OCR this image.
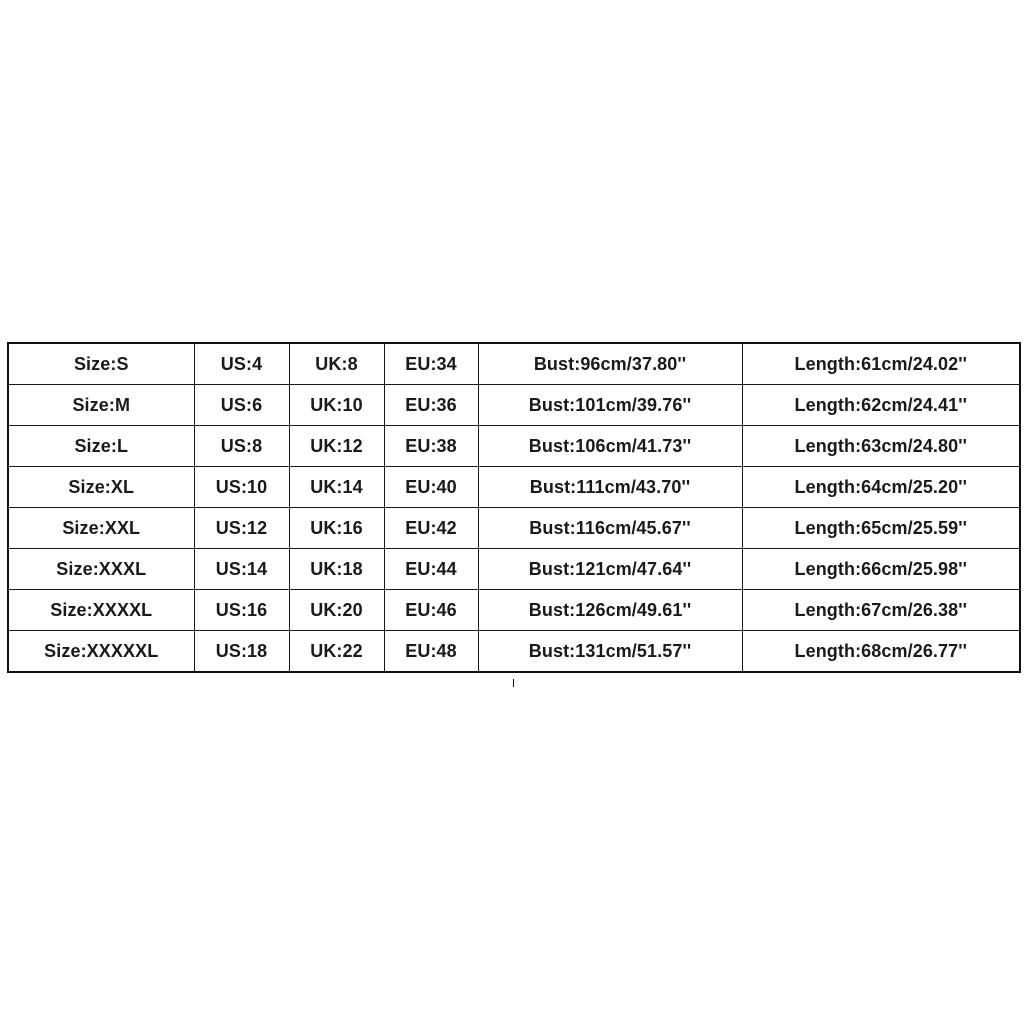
Size:S	US:4	UK:8	EU:34	Bust:96cm/37.80''	Length:61cm/24.02''
Size:M	US:6	UK:10	EU:36	Bust:101cm/39.76''	Length:62cm/24.41''
Size:L	US:8	UK:12	EU:38	Bust:106cm/41.73''	Length:63cm/24.80''
Size:XL	US:10	UK:14	EU:40	Bust:111cm/43.70''	Length:64cm/25.20''
Size:XXL	US:12	UK:16	EU:42	Bust:116cm/45.67''	Length:65cm/25.59''
Size:XXXL	US:14	UK:18	EU:44	Bust:121cm/47.64''	Length:66cm/25.98''
Size:XXXXL	US:16	UK:20	EU:46	Bust:126cm/49.61''	Length:67cm/26.38''
Size:XXXXXL	US:18	UK:22	EU:48	Bust:131cm/51.57''	Length:68cm/26.77''
